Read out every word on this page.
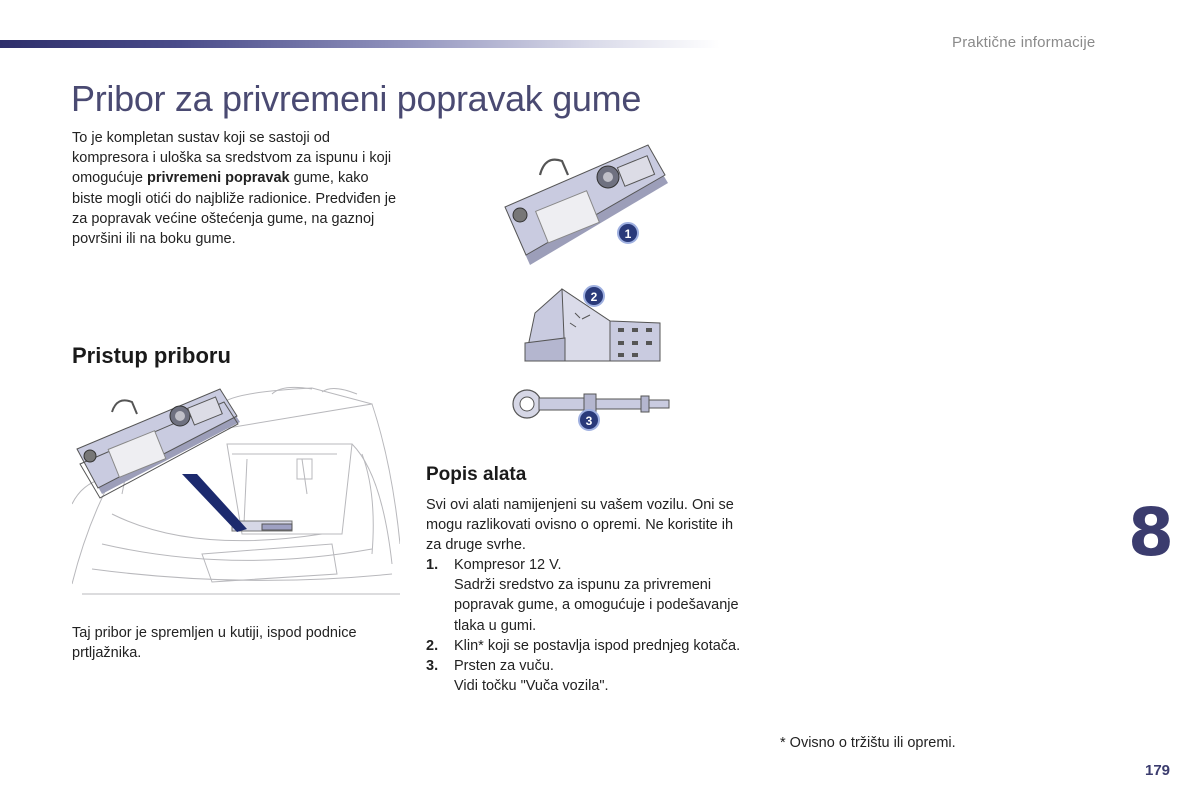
Praktične informacije
Pribor za privremeni popravak gume

To je kompletan sustav koji se sastoji od kompresora i uloška sa sredstvom za ispunu i koji omogućuje privremeni popravak gume, kako biste mogli otići do najbliže radionice. Predviđen je za popravak većine oštećenja gume, na gaznoj površini ili na boku gume.

Pristup priboru

Taj pribor je spremljen u kutiji, ispod podnice prtljažnika.

1
2
3
Popis alata

Svi ovi alati namijenjeni su vašem vozilu. Oni se mogu razlikovati ovisno o opremi. Ne koristite ih za druge svrhe.

1.	Kompresor 12 V.
Sadrži sredstvo za ispunu za privremeni popravak gume, a omogućuje i podešavanje tlaka u gumi.
2.	Klin* koji se postavlja ispod prednjeg kotača.
3.	Prsten za vuču.
Vidi točku "Vuča vozila".
* Ovisno o tržištu ili opremi.
8
179
